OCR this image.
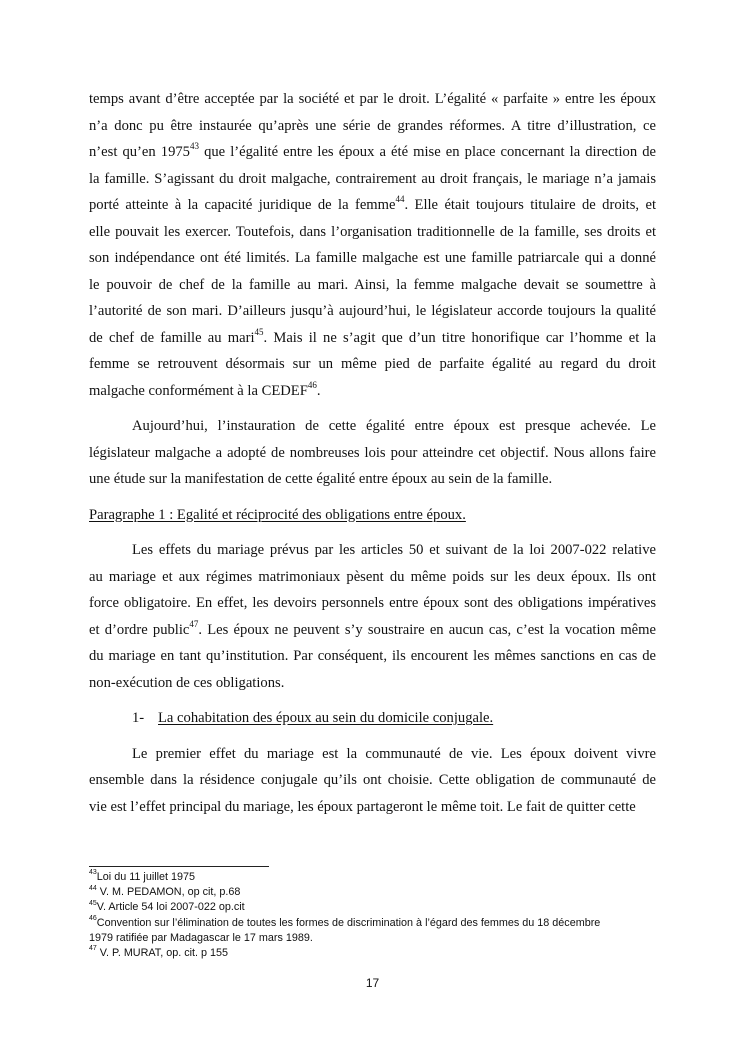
temps avant d’être acceptée par la société et par le droit. L’égalité « parfaite » entre les époux
n’a donc pu être instaurée qu’après une série de grandes réformes. A titre d’illustration, ce
n’est qu’en 1975$^{43}$ que l’égalité entre les époux a été mise en place concernant la direction de
la famille. S’agissant du droit malgache, contrairement au droit français, le mariage n’a jamais
porté atteinte à la capacité juridique de la femme$^{44}$. Elle était toujours titulaire de droits, et
elle pouvait les exercer. Toutefois, dans l’organisation traditionnelle de la famille, ses droits et
son indépendance ont été limités. La famille malgache est une famille patriarcale qui a donné
le pouvoir de chef de la famille au mari. Ainsi, la femme malgache devait se soumettre à
l’autorité de son mari. D’ailleurs jusqu’à aujourd’hui, le législateur accorde toujours la qualité
de chef de famille au mari$^{45}$. Mais il ne s’agit que d’un titre honorifique car l’homme et la
femme se retrouvent désormais sur un même pied de parfaite égalité au regard du droit
malgache conformément à la CEDEF$^{46}$.
Aujourd’hui, l’instauration de cette égalité entre époux est presque achevée. Le
législateur malgache a adopté de nombreuses lois pour atteindre cet objectif. Nous allons faire
une étude sur la manifestation de cette égalité entre époux au sein de la famille.

Paragraphe 1 : Egalité et réciprocité des obligations entre époux.

Les effets du mariage prévus par les articles 50 et suivant de la loi 2007-022 relative
au mariage et aux régimes matrimoniaux pèsent du même poids sur les deux époux. Ils ont
force obligatoire. En effet, les devoirs personnels entre époux sont des obligations impératives
et d’ordre public$^{47}$. Les époux ne peuvent s’y soustraire en aucun cas, c’est la vocation même
du mariage en tant qu’institution. Par conséquent, ils encourent les mêmes sanctions en cas de
non-exécution de ces obligations.

1- La cohabitation des époux au sein du domicile conjugale.

Le premier effet du mariage est la communauté de vie. Les époux doivent vivre
ensemble dans la résidence conjugale qu’ils ont choisie. Cette obligation de communauté de
vie est l’effet principal du mariage, les époux partageront le même toit. Le fait de quitter cette
$^{43}$Loi du 11 juillet 1975
$^{44}$ V. M. PEDAMON, op cit, p.68
$^{45}$V. Article 54 loi 2007-022 op.cit
$^{46}$Convention sur l’élimination de toutes les formes de discrimination à l’égard des femmes du 18 décembre
1979 ratifiée par Madagascar le 17 mars 1989.
$^{47}$ V. P. MURAT, op. cit. p 155
17
